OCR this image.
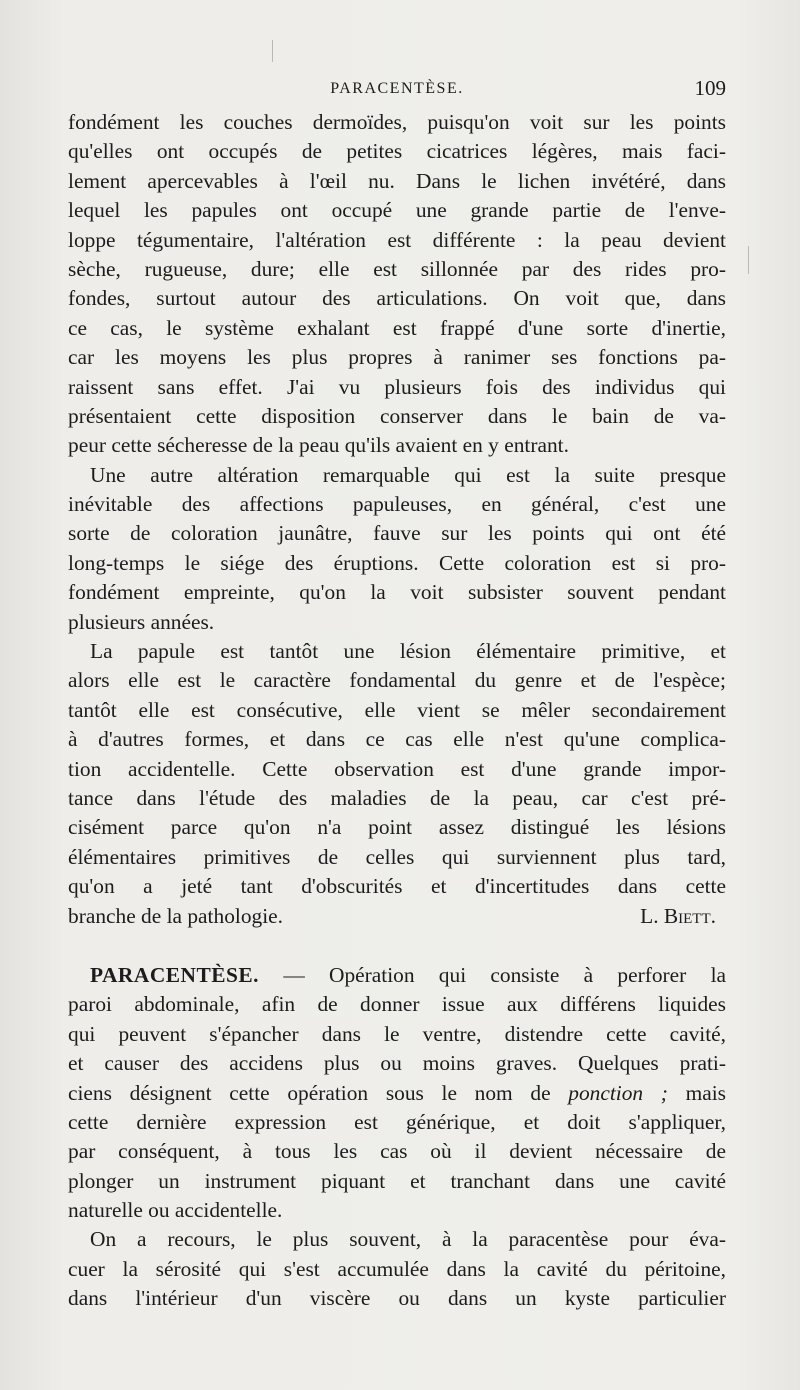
PARACENTÈSE.	109
fondément les couches dermoïdes, puisqu'on voit sur les points
qu'elles ont occupés de petites cicatrices légères, mais faci-
lement apercevables à l'œil nu. Dans le lichen invétéré, dans
lequel les papules ont occupé une grande partie de l'enve-
loppe tégumentaire, l'altération est différente : la peau devient
sèche, rugueuse, dure; elle est sillonnée par des rides pro-
fondes, surtout autour des articulations. On voit que, dans
ce cas, le système exhalant est frappé d'une sorte d'inertie,
car les moyens les plus propres à ranimer ses fonctions pa-
raissent sans effet. J'ai vu plusieurs fois des individus qui
présentaient cette disposition conserver dans le bain de va-
peur cette sécheresse de la peau qu'ils avaient en y entrant.
Une autre altération remarquable qui est la suite presque
inévitable des affections papuleuses, en général, c'est une
sorte de coloration jaunâtre, fauve sur les points qui ont été
long-temps le siége des éruptions. Cette coloration est si pro-
fondément empreinte, qu'on la voit subsister souvent pendant
plusieurs années.
La papule est tantôt une lésion élémentaire primitive, et
alors elle est le caractère fondamental du genre et de l'espèce;
tantôt elle est consécutive, elle vient se mêler secondairement
à d'autres formes, et dans ce cas elle n'est qu'une complica-
tion accidentelle. Cette observation est d'une grande impor-
tance dans l'étude des maladies de la peau, car c'est pré-
cisément parce qu'on n'a point assez distingué les lésions
élémentaires primitives de celles qui surviennent plus tard,
qu'on a jeté tant d'obscurités et d'incertitudes dans cette
branche de la pathologie.	L. Biett.
PARACENTÈSE. — Opération qui consiste à perforer la
paroi abdominale, afin de donner issue aux différens liquides
qui peuvent s'épancher dans le ventre, distendre cette cavité,
et causer des accidens plus ou moins graves. Quelques prati-
ciens désignent cette opération sous le nom de ponction ; mais
cette dernière expression est générique, et doit s'appliquer,
par conséquent, à tous les cas où il devient nécessaire de
plonger un instrument piquant et tranchant dans une cavité
naturelle ou accidentelle.
On a recours, le plus souvent, à la paracentèse pour éva-
cuer la sérosité qui s'est accumulée dans la cavité du péritoine,
dans l'intérieur d'un viscère ou dans un kyste particulier
